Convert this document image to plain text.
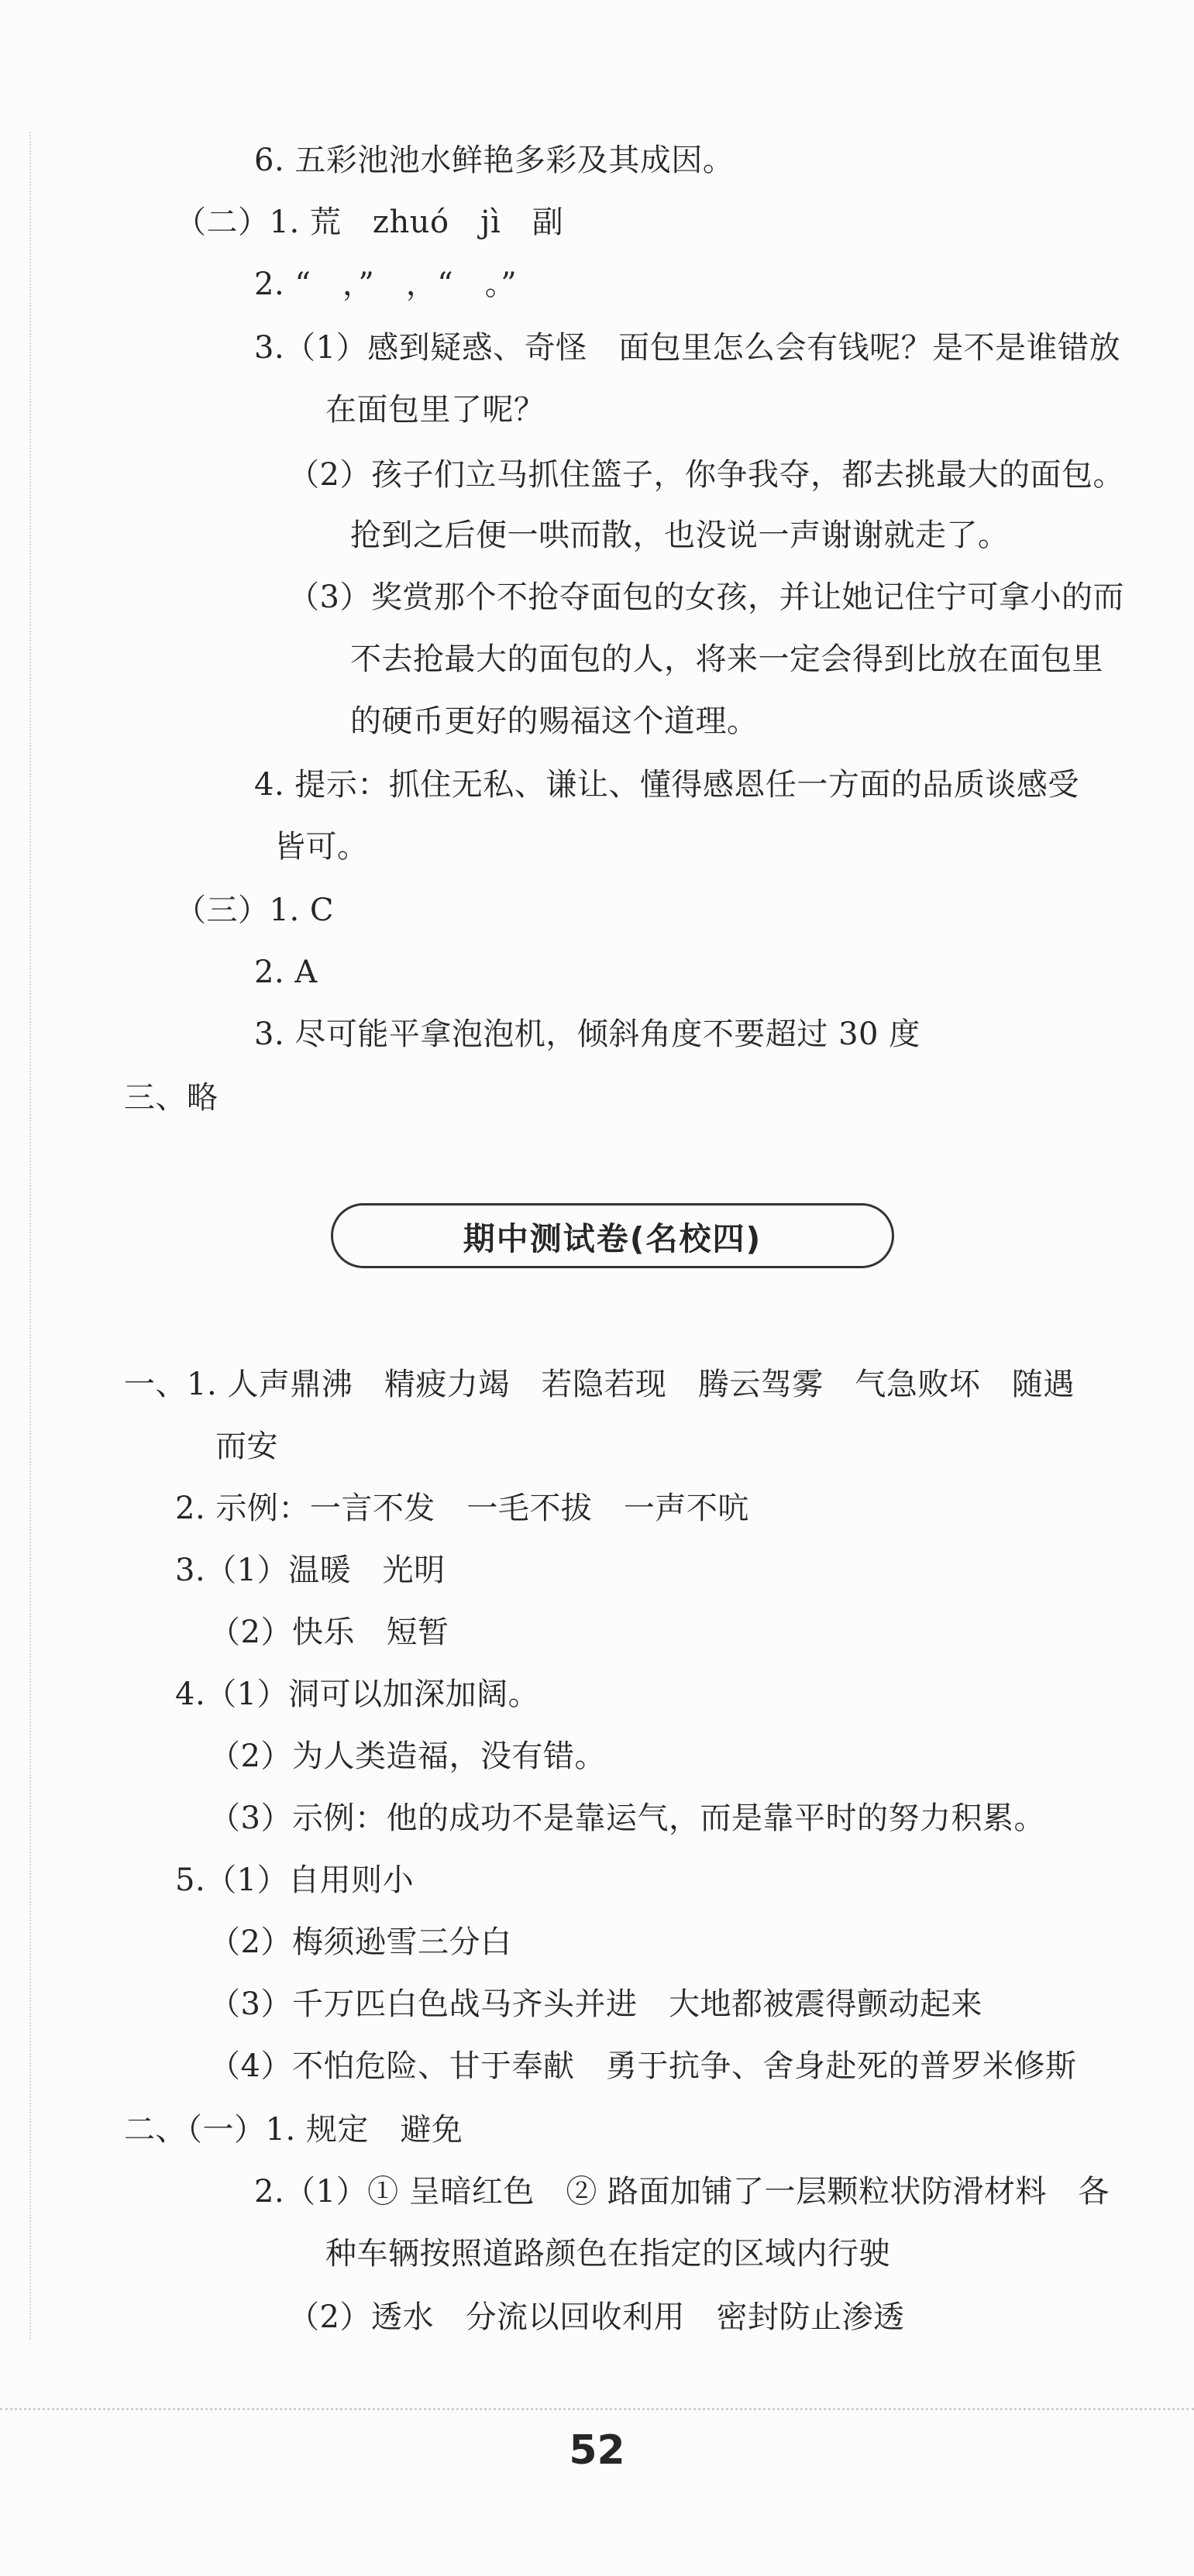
6. 五彩池池水鲜艳多彩及其成因。
（二）1. 荒　zhuó　jì　副
2. “　，”　，“　。”
3.（1）感到疑惑、奇怪　面包里怎么会有钱呢？是不是谁错放
在面包里了呢？
（2）孩子们立马抓住篮子，你争我夺，都去挑最大的面包。
抢到之后便一哄而散，也没说一声谢谢就走了。
（3）奖赏那个不抢夺面包的女孩，并让她记住宁可拿小的而
不去抢最大的面包的人，将来一定会得到比放在面包里
的硬币更好的赐福这个道理。
4. 提示：抓住无私、谦让、懂得感恩任一方面的品质谈感受
皆可。
（三）1. C
2. A
3. 尽可能平拿泡泡机，倾斜角度不要超过 30 度
三、略
期中测试卷(名校四)
一、1. 人声鼎沸　精疲力竭　若隐若现　腾云驾雾　气急败坏　随遇
而安
2. 示例：一言不发　一毛不拔　一声不吭
3.（1）温暖　光明
（2）快乐　短暂
4.（1）洞可以加深加阔。
（2）为人类造福，没有错。
（3）示例：他的成功不是靠运气，而是靠平时的努力积累。
5.（1）自用则小
（2）梅须逊雪三分白
（3）千万匹白色战马齐头并进　大地都被震得颤动起来
（4）不怕危险、甘于奉献　勇于抗争、舍身赴死的普罗米修斯
二、（一）1. 规定　避免
2.（1）① 呈暗红色　② 路面加铺了一层颗粒状防滑材料　各
种车辆按照道路颜色在指定的区域内行驶
（2）透水　分流以回收利用　密封防止渗透
52
